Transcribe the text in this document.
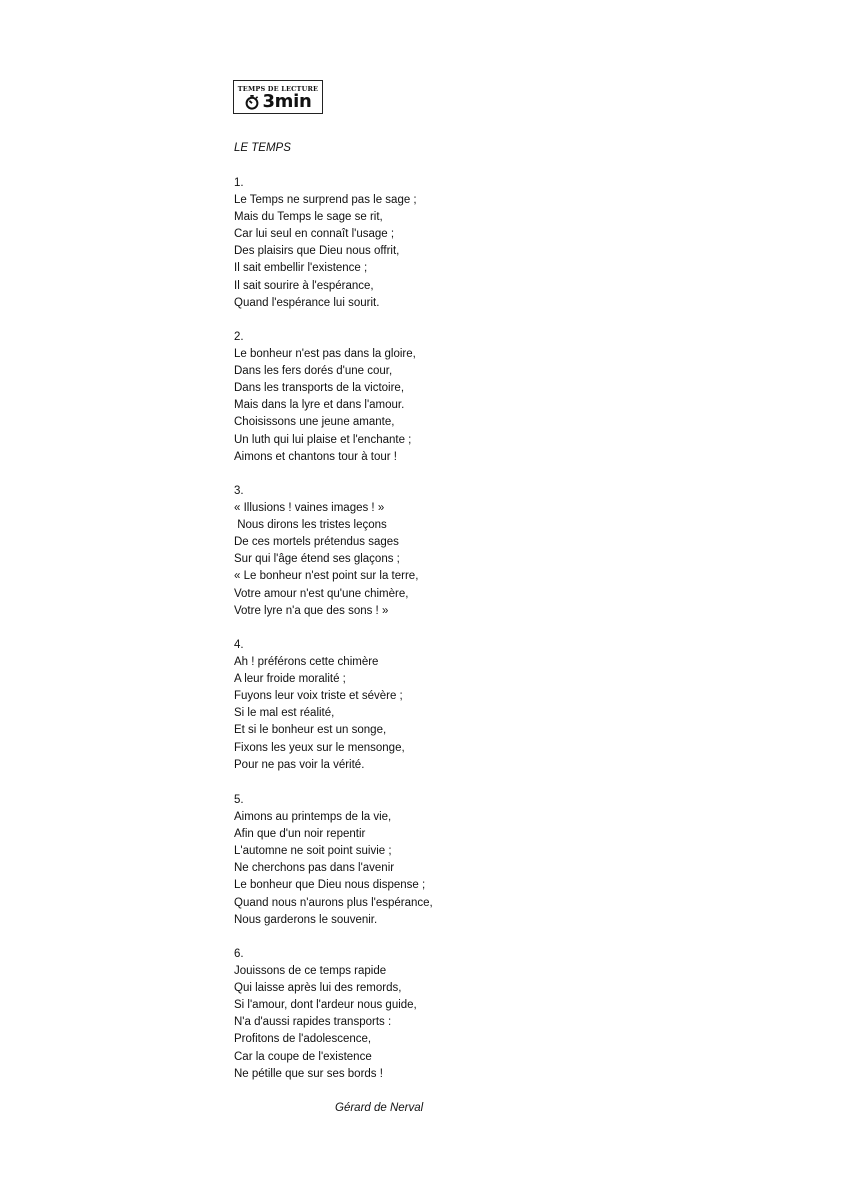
TEMPS DE LECTURE
3min
LE TEMPS
1.
Le Temps ne surprend pas le sage ;
Mais du Temps le sage se rit,
Car lui seul en connaît l'usage ;
Des plaisirs que Dieu nous offrit,
Il sait embellir l'existence ;
Il sait sourire à l'espérance,
Quand l'espérance lui sourit.
2.
Le bonheur n'est pas dans la gloire,
Dans les fers dorés d'une cour,
Dans les transports de la victoire,
Mais dans la lyre et dans l'amour.
Choisissons une jeune amante,
Un luth qui lui plaise et l'enchante ;
Aimons et chantons tour à tour !
3.
« Illusions ! vaines images ! »
Nous dirons les tristes leçons
De ces mortels prétendus sages
Sur qui l'âge étend ses glaçons ;
« Le bonheur n'est point sur la terre,
Votre amour n'est qu'une chimère,
Votre lyre n'a que des sons ! »
4.
Ah ! préférons cette chimère
A leur froide moralité ;
Fuyons leur voix triste et sévère ;
Si le mal est réalité,
Et si le bonheur est un songe,
Fixons les yeux sur le mensonge,
Pour ne pas voir la vérité.
5.
Aimons au printemps de la vie,
Afin que d'un noir repentir
L'automne ne soit point suivie ;
Ne cherchons pas dans l'avenir
Le bonheur que Dieu nous dispense ;
Quand nous n'aurons plus l'espérance,
Nous garderons le souvenir.
6.
Jouissons de ce temps rapide
Qui laisse après lui des remords,
Si l'amour, dont l'ardeur nous guide,
N'a d'aussi rapides transports :
Profitons de l'adolescence,
Car la coupe de l'existence
Ne pétille que sur ses bords !
Gérard de Nerval
